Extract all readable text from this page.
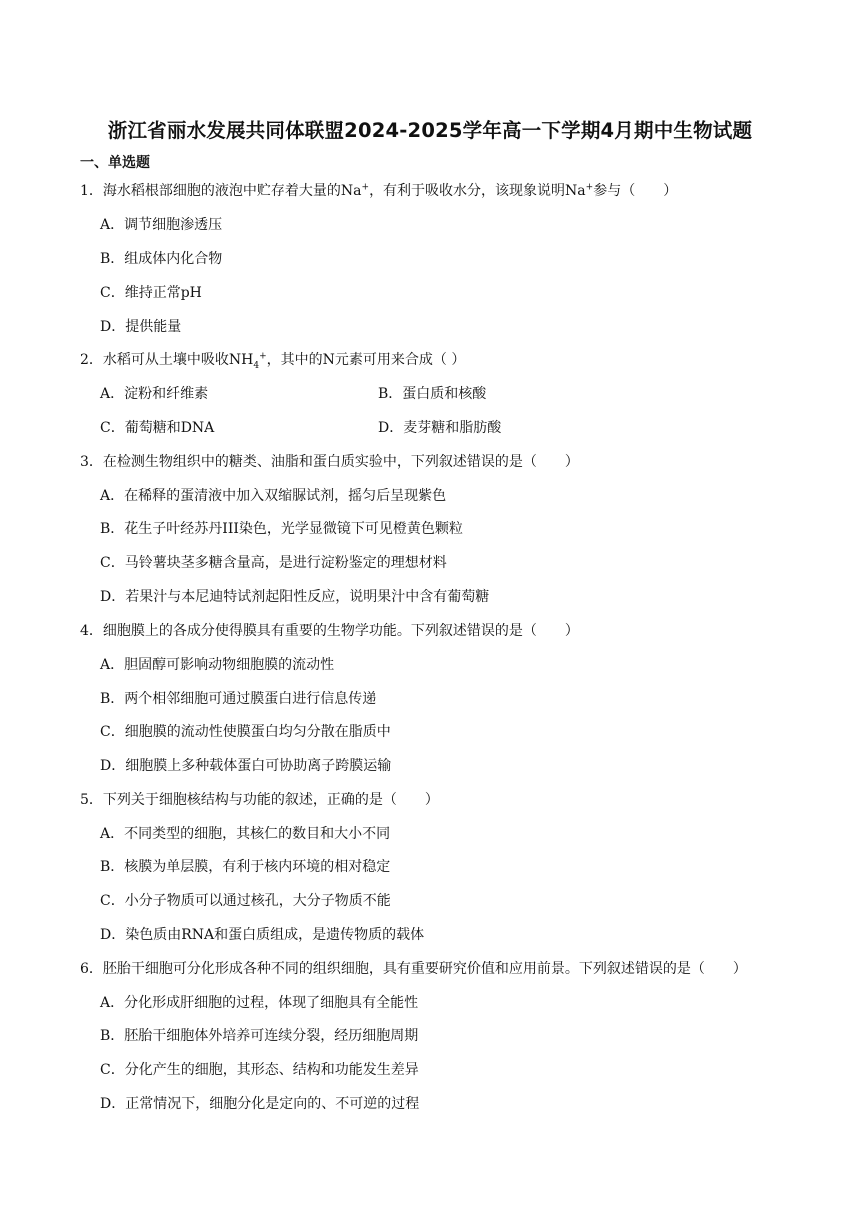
浙江省丽水发展共同体联盟2024-2025学年高一下学期4月期中生物试题
一、单选题
1．海水稻根部细胞的液泡中贮存着大量的Na+，有利于吸收水分，该现象说明Na+参与（　　）
A．调节细胞渗透压
B．组成体内化合物
C．维持正常pH
D．提供能量
2．水稻可从土壤中吸收$NH_4^+$，其中的N元素可用来合成（ ）
A．淀粉和纤维素	B．蛋白质和核酸
C．葡萄糖和DNA	D．麦芽糖和脂肪酸
3．在检测生物组织中的糖类、油脂和蛋白质实验中，下列叙述错误的是（　　）
A．在稀释的蛋清液中加入双缩脲试剂，摇匀后呈现紫色
B．花生子叶经苏丹III染色，光学显微镜下可见橙黄色颗粒
C．马铃薯块茎多糖含量高，是进行淀粉鉴定的理想材料
D．若果汁与本尼迪特试剂起阳性反应，说明果汁中含有葡萄糖
4．细胞膜上的各成分使得膜具有重要的生物学功能。下列叙述错误的是（　　）
A．胆固醇可影响动物细胞膜的流动性
B．两个相邻细胞可通过膜蛋白进行信息传递
C．细胞膜的流动性使膜蛋白均匀分散在脂质中
D．细胞膜上多种载体蛋白可协助离子跨膜运输
5．下列关于细胞核结构与功能的叙述，正确的是（　　）
A．不同类型的细胞，其核仁的数目和大小不同
B．核膜为单层膜，有利于核内环境的相对稳定
C．小分子物质可以通过核孔，大分子物质不能
D．染色质由RNA和蛋白质组成，是遗传物质的载体
6．胚胎干细胞可分化形成各种不同的组织细胞，具有重要研究价值和应用前景。下列叙述错误的是（　　）
A．分化形成肝细胞的过程，体现了细胞具有全能性
B．胚胎干细胞体外培养可连续分裂，经历细胞周期
C．分化产生的细胞，其形态、结构和功能发生差异
D．正常情况下，细胞分化是定向的、不可逆的过程
